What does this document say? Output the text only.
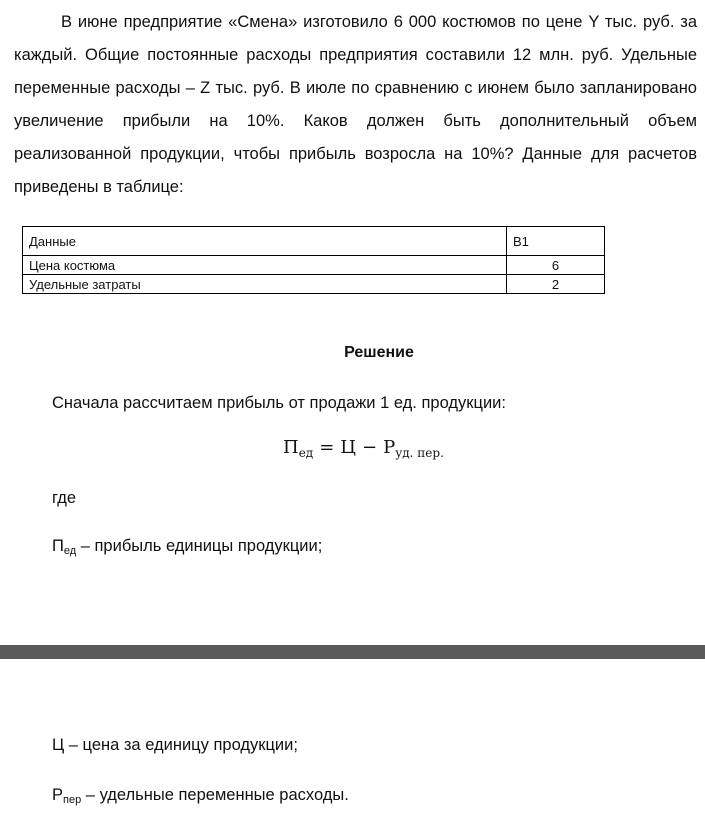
В июне предприятие «Смена» изготовило 6 000 костюмов по цене Y тыс. руб. за каждый. Общие постоянные расходы предприятия составили 12 млн. руб. Удельные переменные расходы – Z тыс. руб. В июле по сравнению с июнем было запланировано увеличение прибыли на 10%. Каков должен быть дополнительный объем реализованной продукции, чтобы прибыль возросла на 10%? Данные для расчетов приведены в таблице:

Данные	В1
Цена костюма	6
Удельные затраты	2
Решение

Сначала рассчитаем прибыль от продажи 1 ед. продукции:

$П_{ед} = Ц - Р_{уд. пер.}$

где

$П_{ед}$ – прибыль единицы продукции;

Ц – цена за единицу продукции;

$Р_{пер}$ – удельные переменные расходы.
